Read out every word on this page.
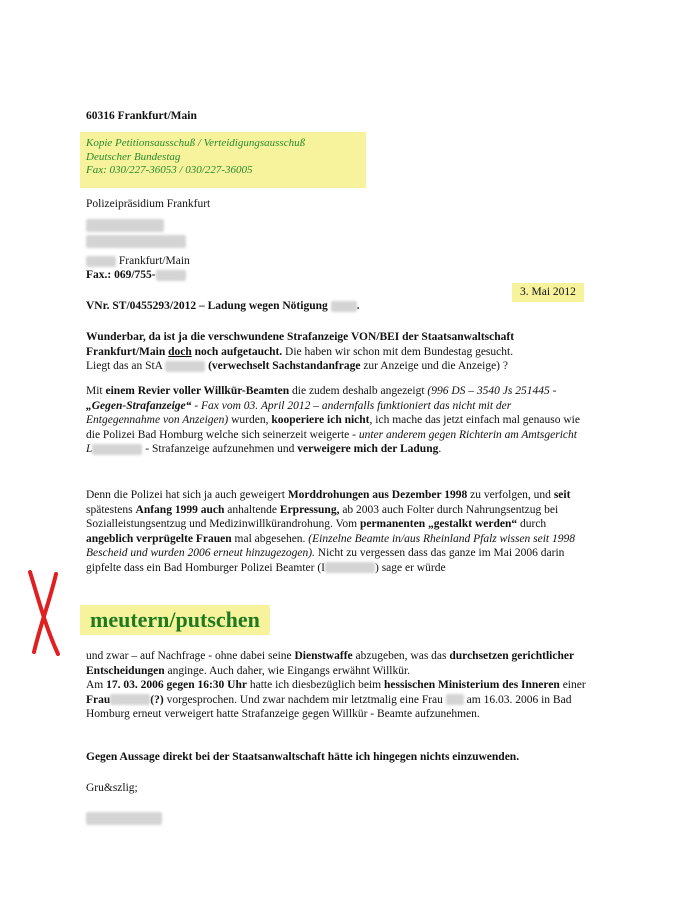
60316 Frankfurt/Main
Kopie Petitionsausschuß / Verteidigungsausschuß
Deutscher Bundestag
Fax: 030/227-36053 / 030/227-36005
Polizeipräsidium Frankfurt
Frankfurt/Main
Fax.: 069/755-
3. Mai 2012
VNr. ST/0455293/2012 – Ladung wegen Nötigung	.
Wunderbar, da ist ja die verschwundene Strafanzeige VON/BEI der Staatsanwaltschaft Frankfurt/Main doch noch aufgetaucht. Die haben wir schon mit dem Bundestag gesucht.
Liegt das an StA	(verwechselt Sachstandanfrage zur Anzeige und die Anzeige) ?
Mit einem Revier voller Willkür-Beamten die zudem deshalb angezeigt (996 DS – 3540 Js 251445 - „Gegen-Strafanzeige“ - Fax vom 03. April 2012 – andernfalls funktioniert das nicht mit der Entgegennahme von Anzeigen) wurden, kooperiere ich nicht, ich mache das jetzt einfach mal genauso wie die Polizei Bad Homburg welche sich seinerzeit weigerte - unter anderem gegen Richterin am Amtsgericht L	- Strafanzeige aufzunehmen und verweigere mich der Ladung.
Denn die Polizei hat sich ja auch geweigert Morddrohungen aus Dezember 1998 zu verfolgen, und seit spätestens Anfang 1999 auch anhaltende Erpressung, ab 2003 auch Folter durch Nahrungsentzug bei Sozialleistungsentzug und Medizinwillkürandrohung. Vom permanenten „gestalkt werden“ durch angeblich verprügelte Frauen mal abgesehen. (Einzelne Beamte in/aus Rheinland Pfalz wissen seit 1998 Bescheid und wurden 2006 erneut hinzugezogen). Nicht zu vergessen dass das ganze im Mai 2006 darin gipfelte dass ein Bad Homburger Polizei Beamter (I	) sage er würde
meutern/putschen
und zwar – auf Nachfrage - ohne dabei seine Dienstwaffe abzugeben, was das durchsetzen gerichtlicher Entscheidungen anginge. Auch daher, wie Eingangs erwähnt Willkür.
Am 17. 03. 2006 gegen 16:30 Uhr hatte ich diesbezüglich beim hessischen Ministerium des Inneren einer Frau	(?) vorgesprochen. Und zwar nachdem mir letztmalig eine Frau  am 16.03. 2006 in Bad Homburg erneut verweigert hatte Strafanzeige gegen Willkür - Beamte aufzunehmen.
Gegen Aussage direkt bei der Staatsanwaltschaft hätte ich hingegen nichts einzuwenden.
Gru&szlig;
